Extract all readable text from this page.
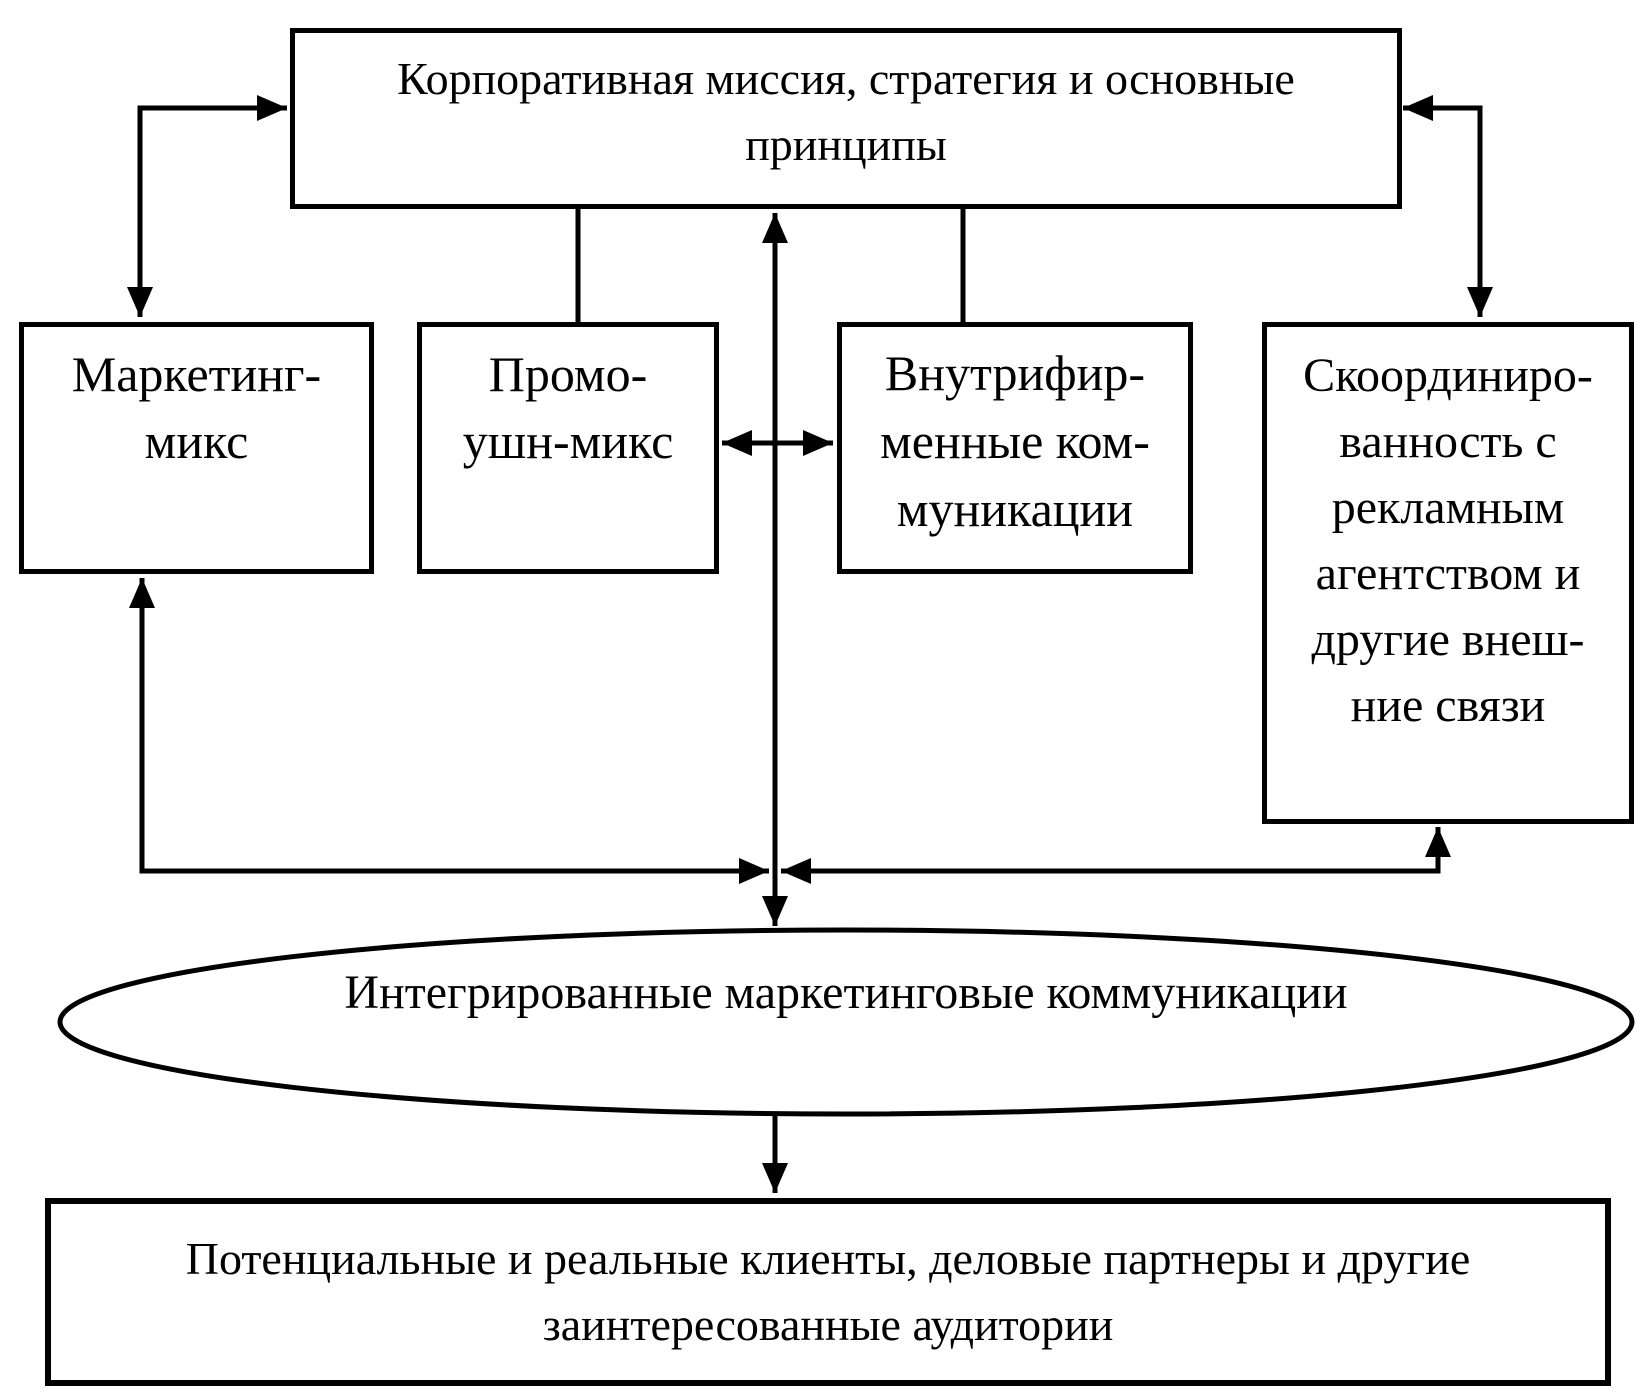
Корпоративная миссия, стратегия и основные
принципы
Маркетинг-
микс
Промо-
ушн-микс
Внутрифир-
менные ком-
муникации
Скоординиро-
ванность с
рекламным
агентством и
другие внеш-
ние связи
Интегрированные маркетинговые коммуникации
Потенциальные и реальные клиенты, деловые партнеры и другие
заинтересованные аудитории
